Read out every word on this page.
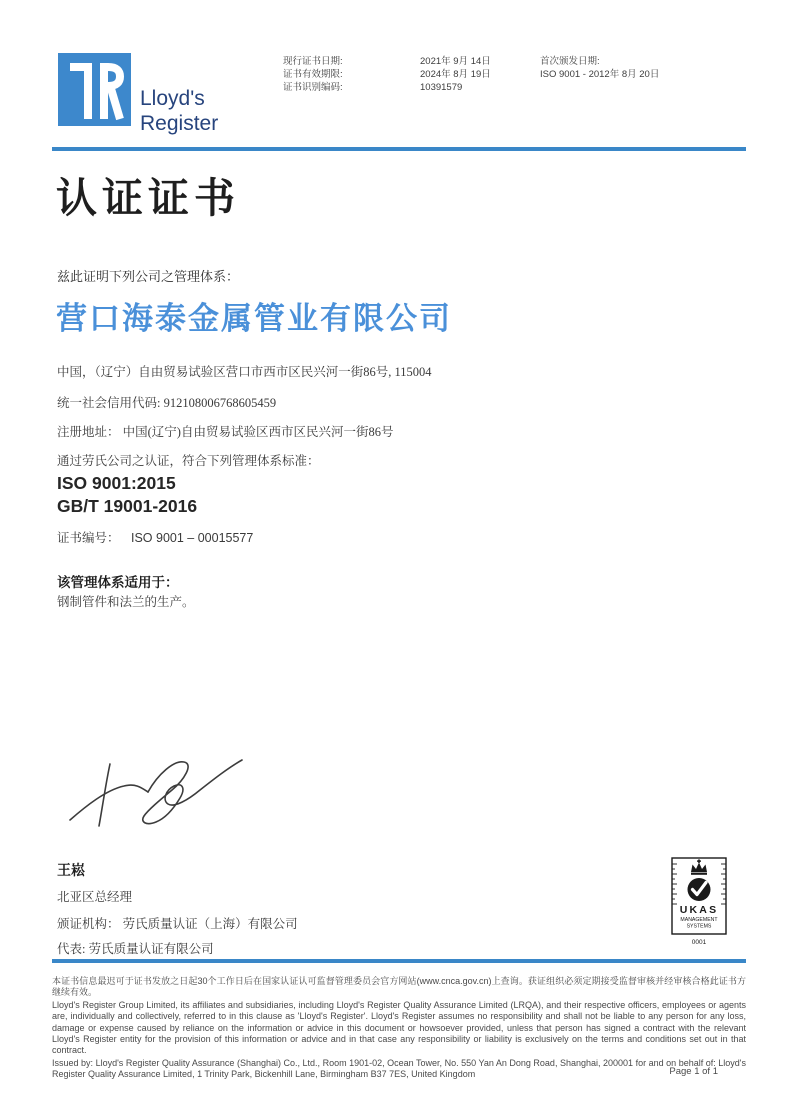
Lloyd's
Register
现行证书日期:
证书有效期限:
证书识别编码:
2021年 9月 14日
2024年 8月 19日
10391579
首次颁发日期:
ISO 9001 - 2012年 8月 20日
认证证书
兹此证明下列公司之管理体系：
营口海泰金属管业有限公司
中国，（辽宁）自由贸易试验区营口市西市区民兴河一街86号, 115004
统一社会信用代码: 912108006768605459
注册地址： 中国(辽宁)自由贸易试验区西市区民兴河一街86号
通过劳氏公司之认证，符合下列管理体系标准：
ISO 9001:2015
GB/T 19001-2016
证书编号： ISO 9001 – 00015577
该管理体系适用于：
钢制管件和法兰的生产。
王崧
北亚区总经理
颁证机构： 劳氏质量认证（上海）有限公司
代表: 劳氏质量认证有限公司
UKAS
MANAGEMENT
SYSTEMS
0001

本证书信息最迟可于证书发放之日起30个工作日后在国家认证认可监督管理委员会官方网站(www.cnca.gov.cn)上查询。获证组织必须定期接受监督审核并经审核合格此证书方继续有效。

Lloyd's Register Group Limited, its affiliates and subsidiaries, including Lloyd's Register Quality Assurance Limited (LRQA), and their respective officers, employees or agents are, individually and collectively, referred to in this clause as 'Lloyd's Register'. Lloyd's Register assumes no responsibility and shall not be liable to any person for any loss, damage or expense caused by reliance on the information or advice in this document or howsoever provided, unless that person has signed a contract with the relevant Lloyd's Register entity for the provision of this information or advice and in that case any responsibility or liability is exclusively on the terms and conditions set out in that contract.

Issued by: Lloyd's Register Quality Assurance (Shanghai) Co., Ltd., Room 1901-02, Ocean Tower, No. 550 Yan An Dong Road, Shanghai, 200001 for and on behalf of: Lloyd's Register Quality Assurance Limited, 1 Trinity Park, Bickenhill Lane, Birmingham B37 7ES, United Kingdom	Page 1 of 1
